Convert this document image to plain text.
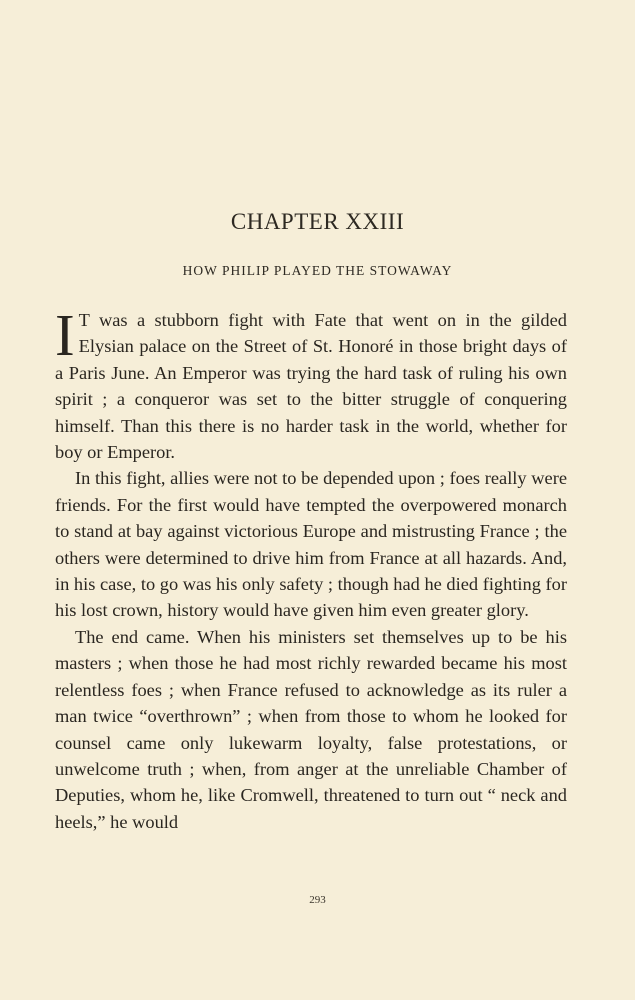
CHAPTER XXIII
HOW PHILIP PLAYED THE STOWAWAY

I T was a stubborn fight with Fate that went on in the gilded Elysian palace on the Street of St. Honoré in those bright days of a Paris June. An Emperor was trying the hard task of ruling his own spirit ; a conqueror was set to the bitter struggle of conquering himself. Than this there is no harder task in the world, whether for boy or Emperor.

In this fight, allies were not to be depended upon ; foes really were friends. For the first would have tempted the overpowered monarch to stand at bay against victorious Europe and mistrusting France ; the others were determined to drive him from France at all hazards. And, in his case, to go was his only safety ; though had he died fighting for his lost crown, history would have given him even greater glory.

The end came. When his ministers set themselves up to be his masters ; when those he had most richly rewarded became his most relentless foes ; when France refused to acknowledge as its ruler a man twice “overthrown” ; when from those to whom he looked for counsel came only lukewarm loyalty, false protestations, or unwelcome truth ; when, from anger at the unreliable Chamber of Deputies, whom he, like Cromwell, threatened to turn out “ neck and heels,” he would

293
